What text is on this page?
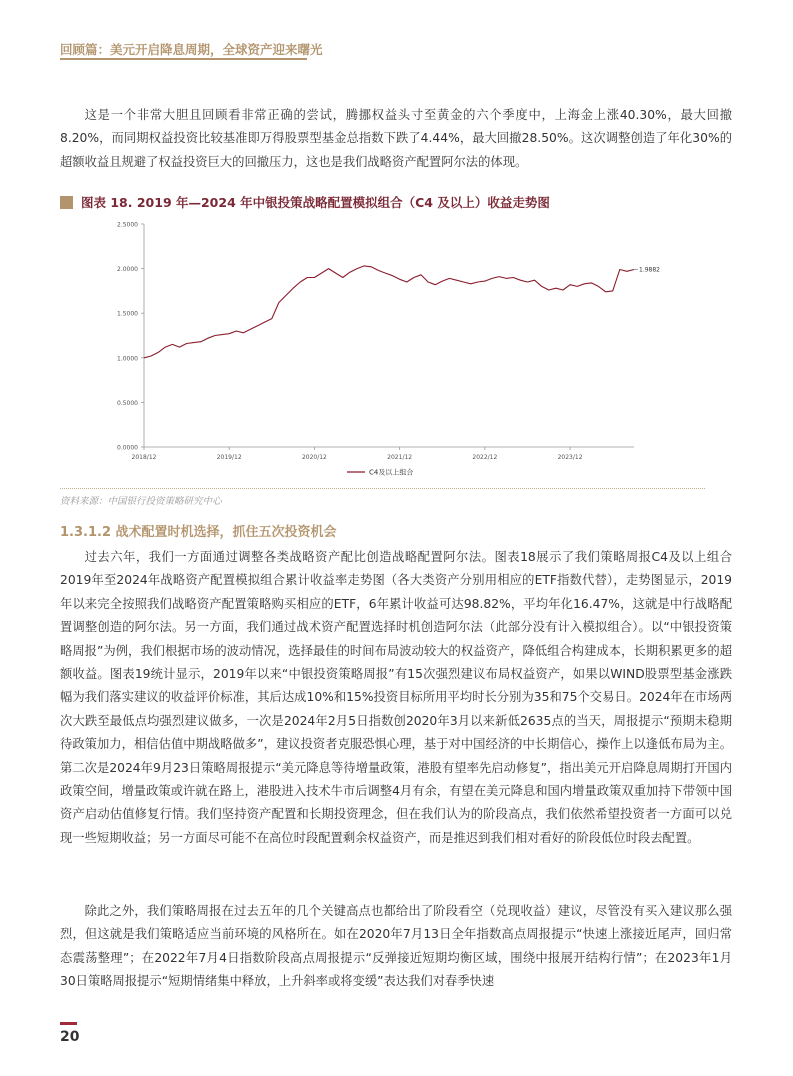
回顾篇：美元开启降息周期，全球资产迎来曙光

这是一个非常大胆且回顾看非常正确的尝试，腾挪权益头寸至黄金的六个季度中，上海金上涨40.30%，最大回撤8.20%，而同期权益投资比较基准即万得股票型基金总指数下跌了4.44%，最大回撤28.50%。这次调整创造了年化30%的超额收益且规避了权益投资巨大的回撤压力，这也是我们战略资产配置阿尔法的体现。

图表 18. 2019 年—2024 年中银投策战略配置模拟组合（C4 及以上）收益走势图
0.0000
0.5000
1.0000
1.5000
2.0000
2.5000
2018/12	2019/12	2020/12	2021/12	2022/12	2023/12
1.9882
C4及以上组合
资料来源：中国银行投资策略研究中心
1.3.1.2 战术配置时机选择，抓住五次投资机会

过去六年，我们一方面通过调整各类战略资产配比创造战略配置阿尔法。图表18展示了我们策略周报C4及以上组合2019年至2024年战略资产配置模拟组合累计收益率走势图（各大类资产分别用相应的ETF指数代替），走势图显示，2019年以来完全按照我们战略资产配置策略购买相应的ETF，6年累计收益可达98.82%，平均年化16.47%，这就是中行战略配置调整创造的阿尔法。另一方面，我们通过战术资产配置选择时机创造阿尔法（此部分没有计入模拟组合）。以“中银投资策略周报”为例，我们根据市场的波动情况，选择最佳的时间布局波动较大的权益资产，降低组合构建成本，长期积累更多的超额收益。图表19统计显示，2019年以来“中银投资策略周报”有15次强烈建议布局权益资产，如果以WIND股票型基金涨跌幅为我们落实建议的收益评价标准，其后达成10%和15%投资目标所用平均时长分别为35和75个交易日。2024年在市场两次大跌至最低点均强烈建议做多，一次是2024年2月5日指数创2020年3月以来新低2635点的当天，周报提示“预期未稳期待政策加力，相信估值中期战略做多”，建议投资者克服恐惧心理，基于对中国经济的中长期信心，操作上以逢低布局为主。第二次是2024年9月23日策略周报提示“美元降息等待增量政策，港股有望率先启动修复”，指出美元开启降息周期打开国内政策空间，增量政策或许就在路上，港股进入技术牛市后调整4月有余，有望在美元降息和国内增量政策双重加持下带领中国资产启动估值修复行情。我们坚持资产配置和长期投资理念，但在我们认为的阶段高点，我们依然希望投资者一方面可以兑现一些短期收益；另一方面尽可能不在高位时段配置剩余权益资产，而是推迟到我们相对看好的阶段低位时段去配置。

除此之外，我们策略周报在过去五年的几个关键高点也都给出了阶段看空（兑现收益）建议，尽管没有买入建议那么强烈，但这就是我们策略适应当前环境的风格所在。如在2020年7月13日全年指数高点周报提示“快速上涨接近尾声，回归常态震荡整理”；在2022年7月4日指数阶段高点周报提示“反弹接近短期均衡区域，围绕中报展开结构行情”；在2023年1月30日策略周报提示“短期情绪集中释放，上升斜率或将变缓”表达我们对春季快速

20
